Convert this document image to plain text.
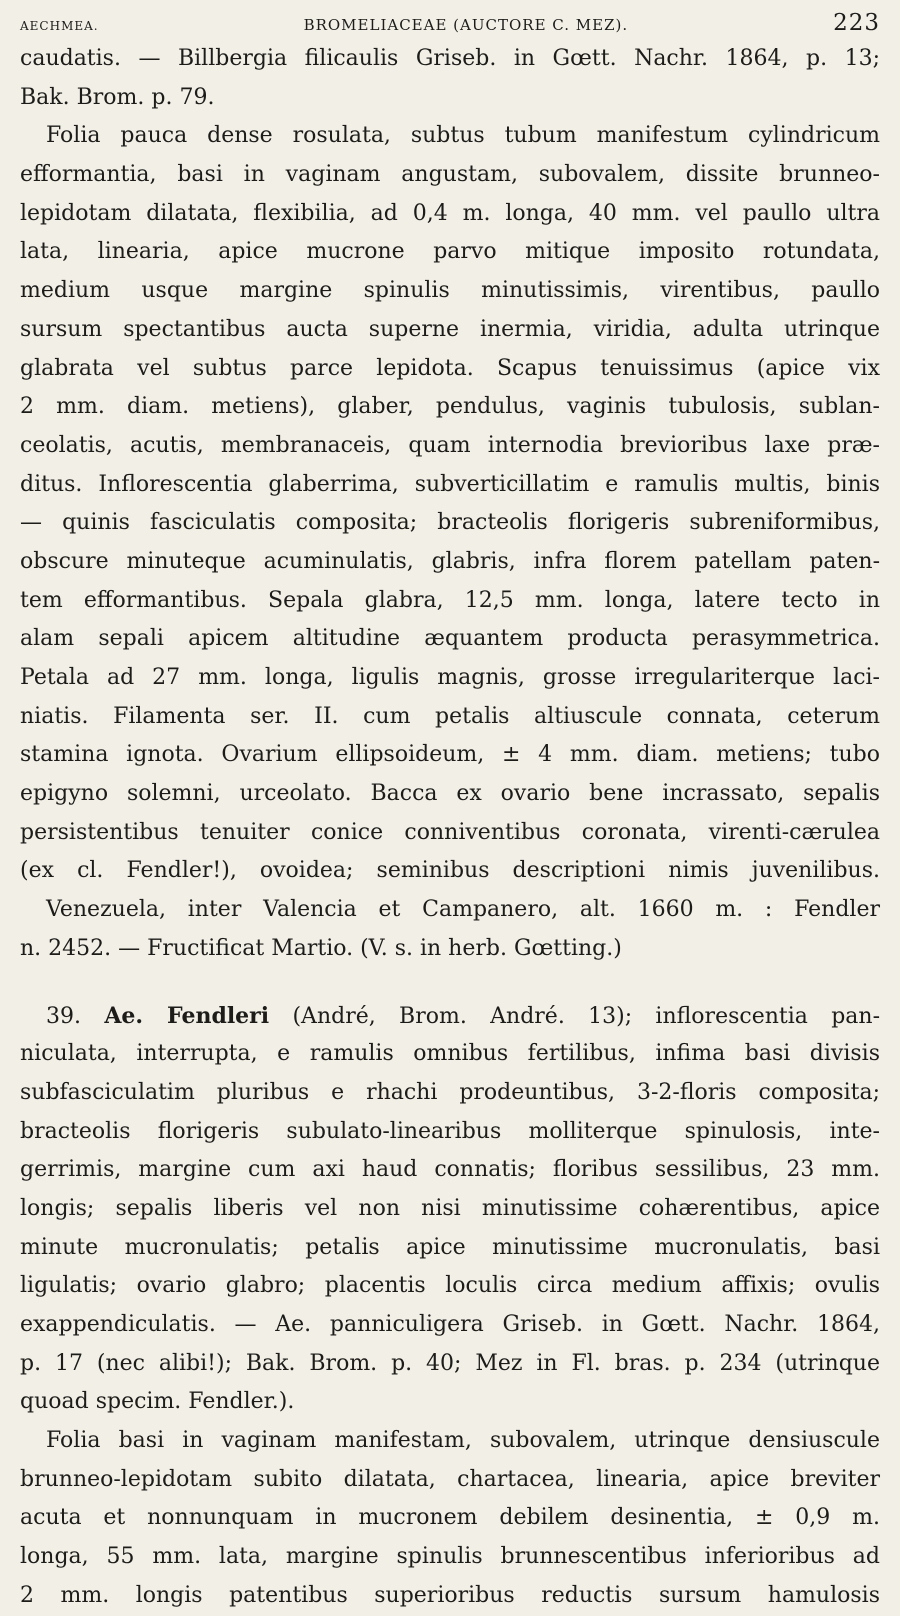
AECHMEA.	BROMELIACEAE (AUCTORE C. MEZ).	223
caudatis. — Billbergia filicaulis Griseb. in Gœtt. Nachr. 1864, p. 13;
Bak. Brom. p. 79.
Folia pauca dense rosulata, subtus tubum manifestum cylindricum
efformantia, basi in vaginam angustam, subovalem, dissite brunneo-
lepidotam dilatata, flexibilia, ad 0,4 m. longa, 40 mm. vel paullo ultra
lata, linearia, apice mucrone parvo mitique imposito rotundata,
medium usque margine spinulis minutissimis, virentibus, paullo
sursum spectantibus aucta superne inermia, viridia, adulta utrinque
glabrata vel subtus parce lepidota. Scapus tenuissimus (apice vix
2 mm. diam. metiens), glaber, pendulus, vaginis tubulosis, sublan-
ceolatis, acutis, membranaceis, quam internodia brevioribus laxe præ-
ditus. Inflorescentia glaberrima, subverticillatim e ramulis multis, binis
— quinis fasciculatis composita; bracteolis florigeris subreniformibus,
obscure minuteque acuminulatis, glabris, infra florem patellam paten-
tem efformantibus. Sepala glabra, 12,5 mm. longa, latere tecto in
alam sepali apicem altitudine æquantem producta perasymmetrica.
Petala ad 27 mm. longa, ligulis magnis, grosse irregulariterque laci-
niatis. Filamenta ser. II. cum petalis altiuscule connata, ceterum
stamina ignota. Ovarium ellipsoideum, ± 4 mm. diam. metiens; tubo
epigyno solemni, urceolato. Bacca ex ovario bene incrassato, sepalis
persistentibus tenuiter conice conniventibus coronata, virenti-cærulea
(ex cl. Fendler!), ovoidea; seminibus descriptioni nimis juvenilibus.
Venezuela, inter Valencia et Campanero, alt. 1660 m. : Fendler
n. 2452. — Fructificat Martio. (V. s. in herb. Gœtting.)
39. Ae. Fendleri (André, Brom. André. 13); inflorescentia pan-
niculata, interrupta, e ramulis omnibus fertilibus, infima basi divisis
subfasciculatim pluribus e rhachi prodeuntibus, 3-2-floris composita;
bracteolis florigeris subulato-linearibus molliterque spinulosis, inte-
gerrimis, margine cum axi haud connatis; floribus sessilibus, 23 mm.
longis; sepalis liberis vel non nisi minutissime cohærentibus, apice
minute mucronulatis; petalis apice minutissime mucronulatis, basi
ligulatis; ovario glabro; placentis loculis circa medium affixis; ovulis
exappendiculatis. — Ae. panniculigera Griseb. in Gœtt. Nachr. 1864,
p. 17 (nec alibi!); Bak. Brom. p. 40; Mez in Fl. bras. p. 234 (utrinque
quoad specim. Fendler.).
Folia basi in vaginam manifestam, subovalem, utrinque densiuscule
brunneo-lepidotam subito dilatata, chartacea, linearia, apice breviter
acuta et nonnunquam in mucronem debilem desinentia, ± 0,9 m.
longa, 55 mm. lata, margine spinulis brunnescentibus inferioribus ad
2 mm. longis patentibus superioribus reductis sursum hamulosis
